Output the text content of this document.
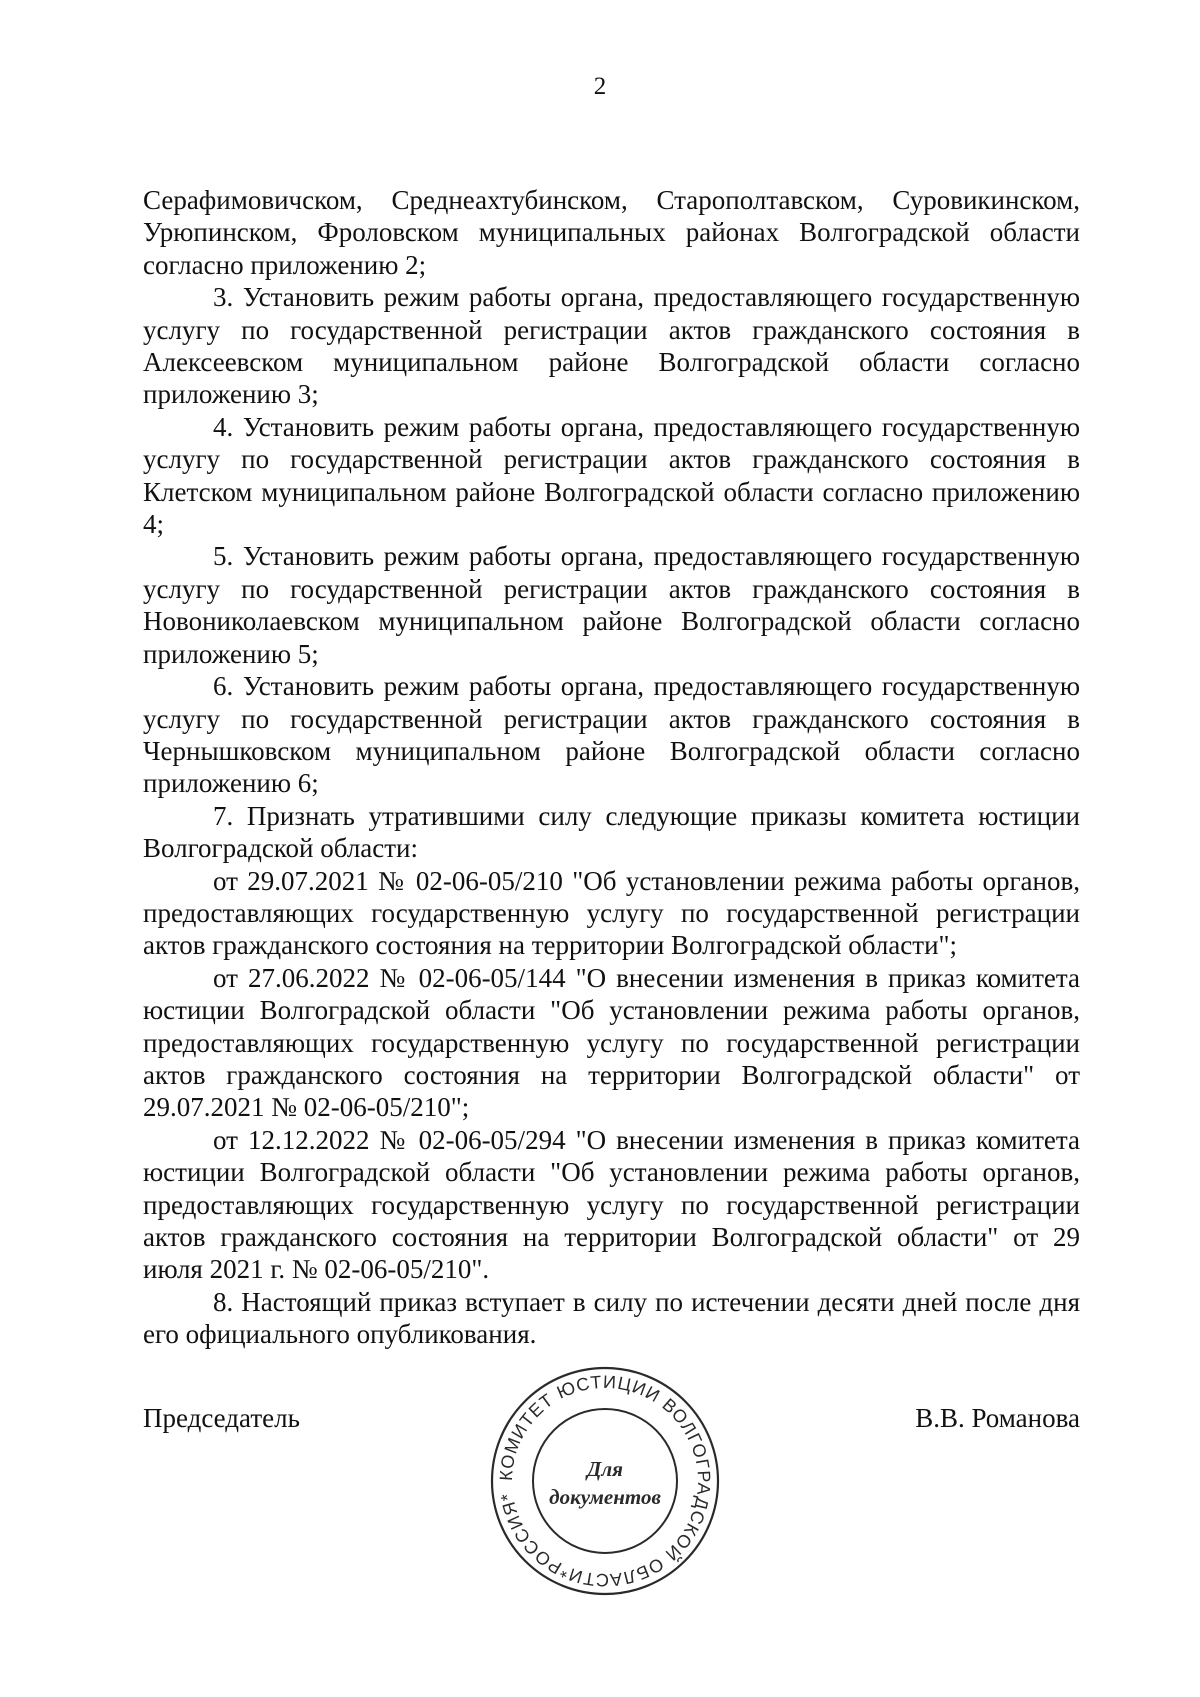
2

Серафимовичском, Среднеахтубинском, Старополтавском, Суровикинском, Урюпинском, Фроловском муниципальных районах Волгоградской области согласно приложению 2;

3. Установить режим работы органа, предоставляющего государственную услугу по государственной регистрации актов гражданского состояния в Алексеевском муниципальном районе Волгоградской области согласно приложению 3;

4. Установить режим работы органа, предоставляющего государственную услугу по государственной регистрации актов гражданского состояния в Клетском муниципальном районе Волгоградской области согласно приложению 4;

5. Установить режим работы органа, предоставляющего государственную услугу по государственной регистрации актов гражданского состояния в Новониколаевском муниципальном районе Волгоградской области согласно приложению 5;

6. Установить режим работы органа, предоставляющего государственную услугу по государственной регистрации актов гражданского состояния в Чернышковском муниципальном районе Волгоградской области согласно приложению 6;

7. Признать утратившими силу следующие приказы комитета юстиции Волгоградской области:

от 29.07.2021 № 02-06-05/210 "Об установлении режима работы органов, предоставляющих государственную услугу по государственной регистрации актов гражданского состояния на территории Волгоградской области";

от 27.06.2022 № 02-06-05/144 "О внесении изменения в приказ комитета юстиции Волгоградской области "Об установлении режима работы органов, предоставляющих государственную услугу по государственной регистрации актов гражданского состояния на территории Волгоградской области" от 29.07.2021 № 02-06-05/210";

от 12.12.2022 № 02-06-05/294 "О внесении изменения в приказ комитета юстиции Волгоградской области "Об установлении режима работы органов, предоставляющих государственную услугу по государственной регистрации актов гражданского состояния на территории Волгоградской области" от 29 июля 2021 г. № 02-06-05/210".

8. Настоящий приказ вступает в силу по истечении десяти дней после дня его официального опубликования.

Председатель	В.В. Романова
КОМИТЕТ ЮСТИЦИИ ВОЛГОГРАДСКОЙ ОБЛАСТИ*РОССИЯ*
Для
документов
